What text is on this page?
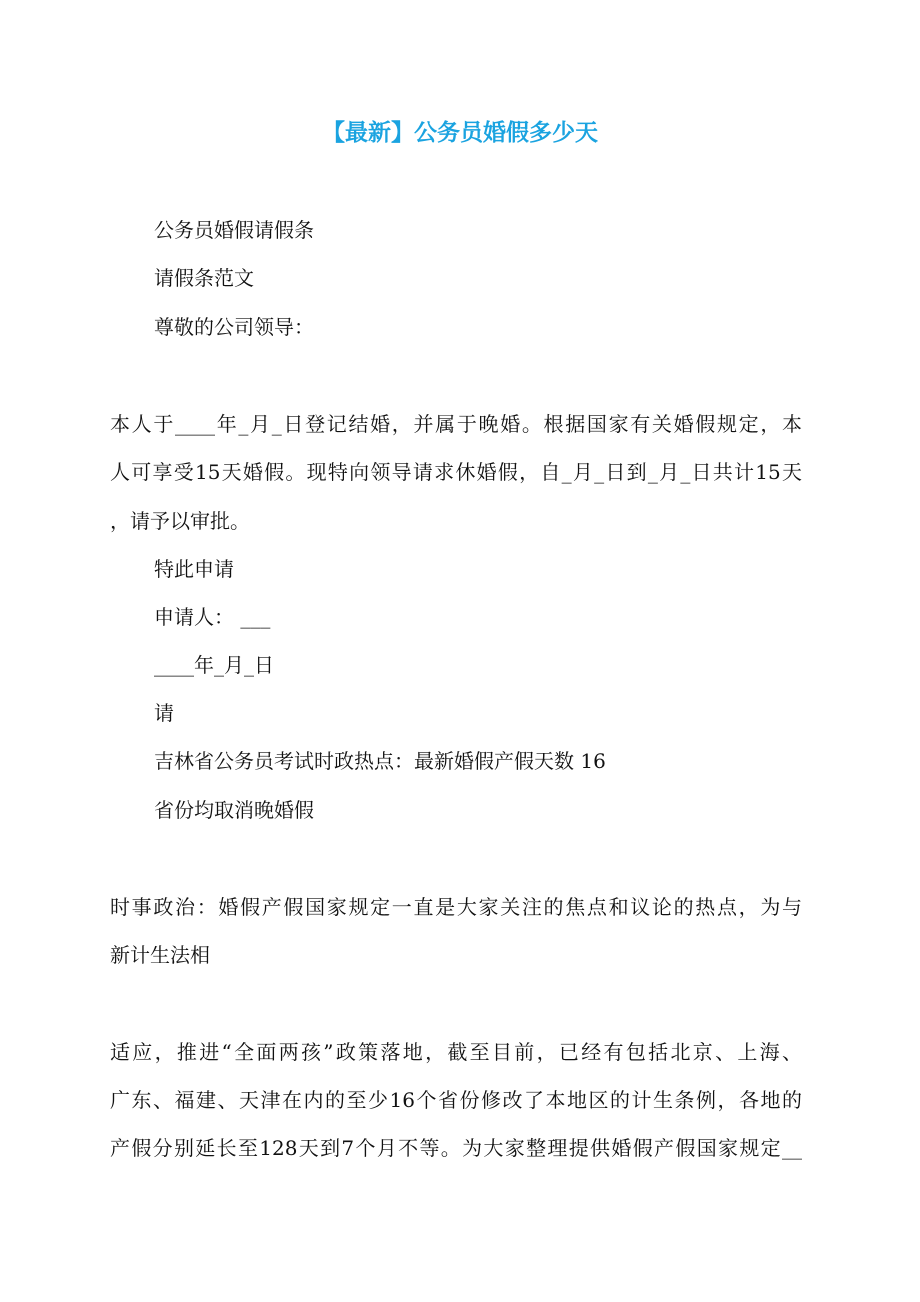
【最新】公务员婚假多少天

公务员婚假请假条

请假条范文

尊敬的公司领导：

本人于____年_月_日登记结婚，并属于晚婚。根据国家有关婚假规定，本

人可享受15天婚假。现特向领导请求休婚假，自_月_日到_月_日共计15天

，请予以审批。

特此申请

申请人： ___

____年_月_日

请

吉林省公务员考试时政热点：最新婚假产假天数 16

省份均取消晚婚假

时事政治：婚假产假国家规定一直是大家关注的焦点和议论的热点，为与

新计生法相

适应，推进“全面两孩”政策落地，截至目前，已经有包括北京、上海、

广东、福建、天津在内的至少16个省份修改了本地区的计生条例，各地的

产假分别延长至128天到7个月不等。为大家整理提供婚假产假国家规定__
